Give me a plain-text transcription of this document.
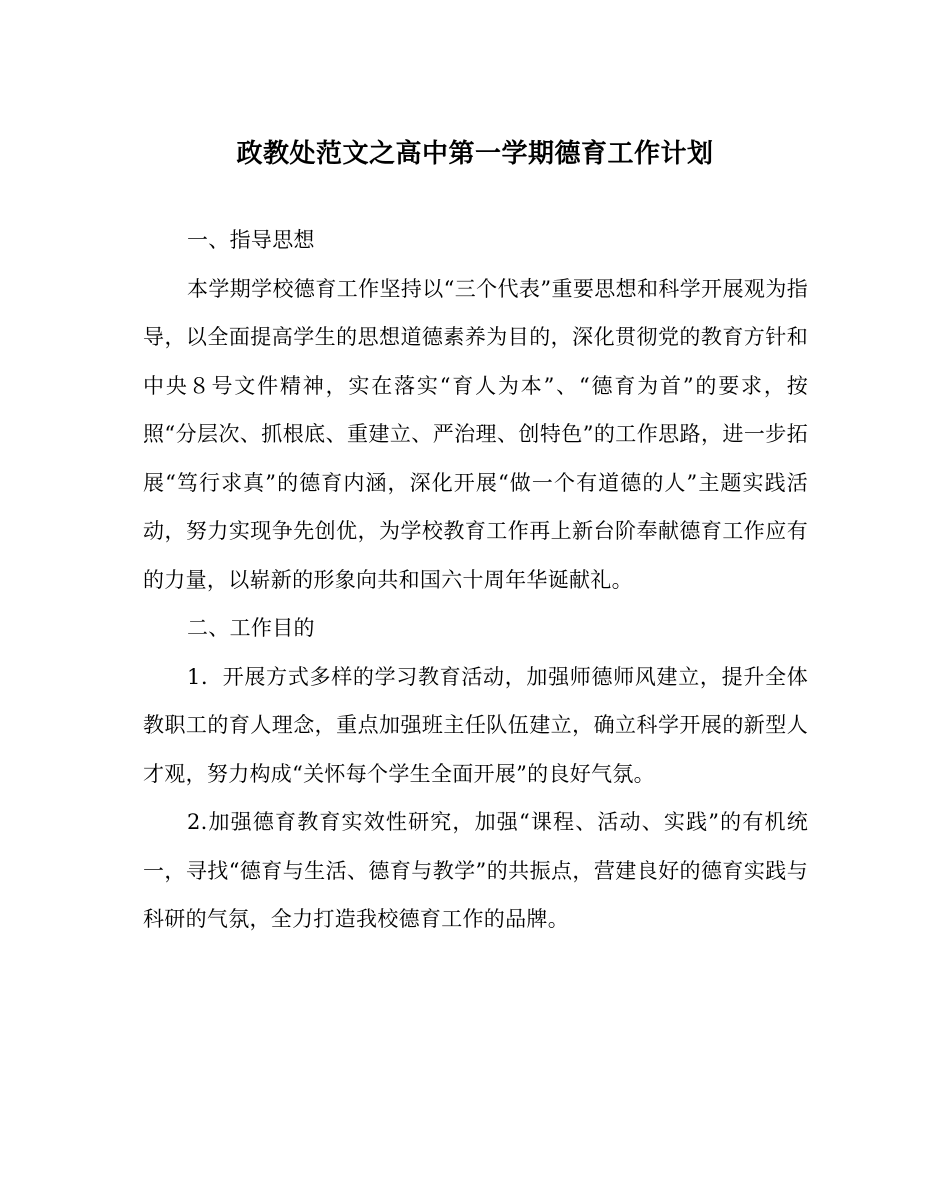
政教处范文之高中第一学期德育工作计划

一、指导思想

本学期学校德育工作坚持以“三个代表”重要思想和科学开展观为指导，以全面提高学生的思想道德素养为目的，深化贯彻党的教育方针和中央８号文件精神，实在落实“育人为本”、“德育为首”的要求，按照“分层次、抓根底、重建立、严治理、创特色”的工作思路，进一步拓展“笃行求真”的德育内涵，深化开展“做一个有道德的人”主题实践活动，努力实现争先创优，为学校教育工作再上新台阶奉献德育工作应有的力量，以崭新的形象向共和国六十周年华诞献礼。

二、工作目的

1．开展方式多样的学习教育活动，加强师德师风建立，提升全体教职工的育人理念，重点加强班主任队伍建立，确立科学开展的新型人才观，努力构成“关怀每个学生全面开展”的良好气氛。

2.加强德育教育实效性研究，加强“课程、活动、实践”的有机统一，寻找“德育与生活、德育与教学”的共振点，营建良好的德育实践与科研的气氛，全力打造我校德育工作的品牌。
